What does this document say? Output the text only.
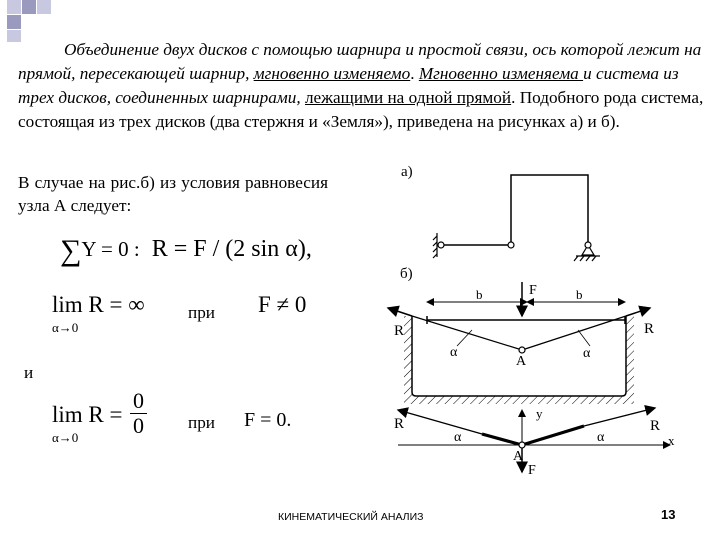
Объединение двух дисков с помощью шарнира и простой связи, ось которой лежит на прямой, пересекающей шарнир, мгновенно изменяемо. Мгновенно изменяема и система из трех дисков, соединенных шарнирами, лежащими на одной прямой. Подобного рода система, состоящая из трех дисков (два стержня и «Земля»), приведена на рисунках а) и б).

В случае на рис.б) из условия равновесия узла А следует:
∑Y = 0 : R = F / (2 sin α),
lim R = ∞
α→0
при F ≠ 0
и
lim R =
$\alpha\to 0 \frac{0}{0}$ при F = 0.
а)
б)
b	b
F
R	R
α	α
A
y
x
R	R
α	α
A
F
КИНЕМАТИЧЕСКИЙ АНАЛИЗ	13
